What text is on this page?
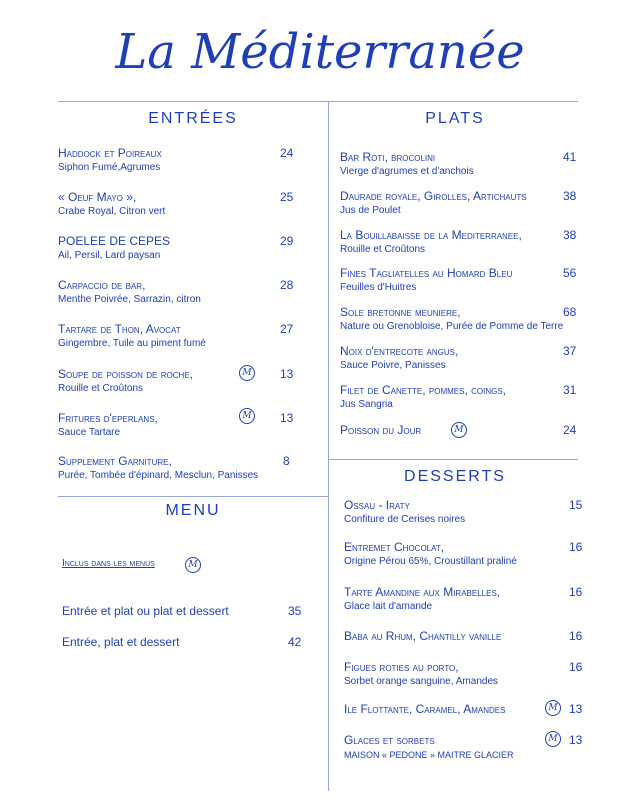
La Méditerranée
ENTRÉES
Haddock et Poireaux
Siphon Fumé,Agrumes
24
« Oeuf Mayo »,
Crabe Royal, Citron vert
25
POELEE DE CEPES
Ail, Persil, Lard paysan
29
Carpaccio de bar,
Menthe Poivrée, Sarrazin, citron
28
Tartare de Thon, Avocat
Gingembre, Tuile au piment fumé
27
Soupe de poisson de roche,
Rouille et Croûtons
M 13
Fritures d'eperlans,
Sauce Tartare
M 13
Supplement Garniture,
Purée, Tombée d'épinard, Mesclun, Panisses
8
MENU
Inclus dans les menus	M
Entrée et plat ou plat et dessert	35
Entrée, plat et dessert	42
PLATS
Bar Roti, brocolini
Vierge d'agrumes et d'anchois
41
Daurade royale, Girolles, Artichauts
Jus de Poulet
38
La Bouillabaisse de la Mediterranee,
Rouille et Croûtons
38
Fines Tagliatelles au Homard Bleu
Feuilles d'Huitres
56
Sole bretonne meuniere,
Nature ou Grenobloise, Purée de Pomme de Terre
68
Noix d'entrecote angus,
Sauce Poivre, Panisses
37
Filet de Canette, pommes, coings,
Jus Sangria
31
Poisson du Jour	M	24
DESSERTS
Ossau - Iraty
Confiture de Cerises noires
15
Entremet Chocolat,
Origine Pérou 65%, Croustillant praliné
16
Tarte Amandine aux Mirabelles,
Glace lait d'amande
16
Baba au Rhum, Chantilly vanille	16
Figues roties au porto,
Sorbet orange sanguine, Amandes
16
Ile Flottante, Caramel, Amandes	M 13
Glaces et sorbets
MAISON « PEDONE » MAITRE GLACIER
M 13
